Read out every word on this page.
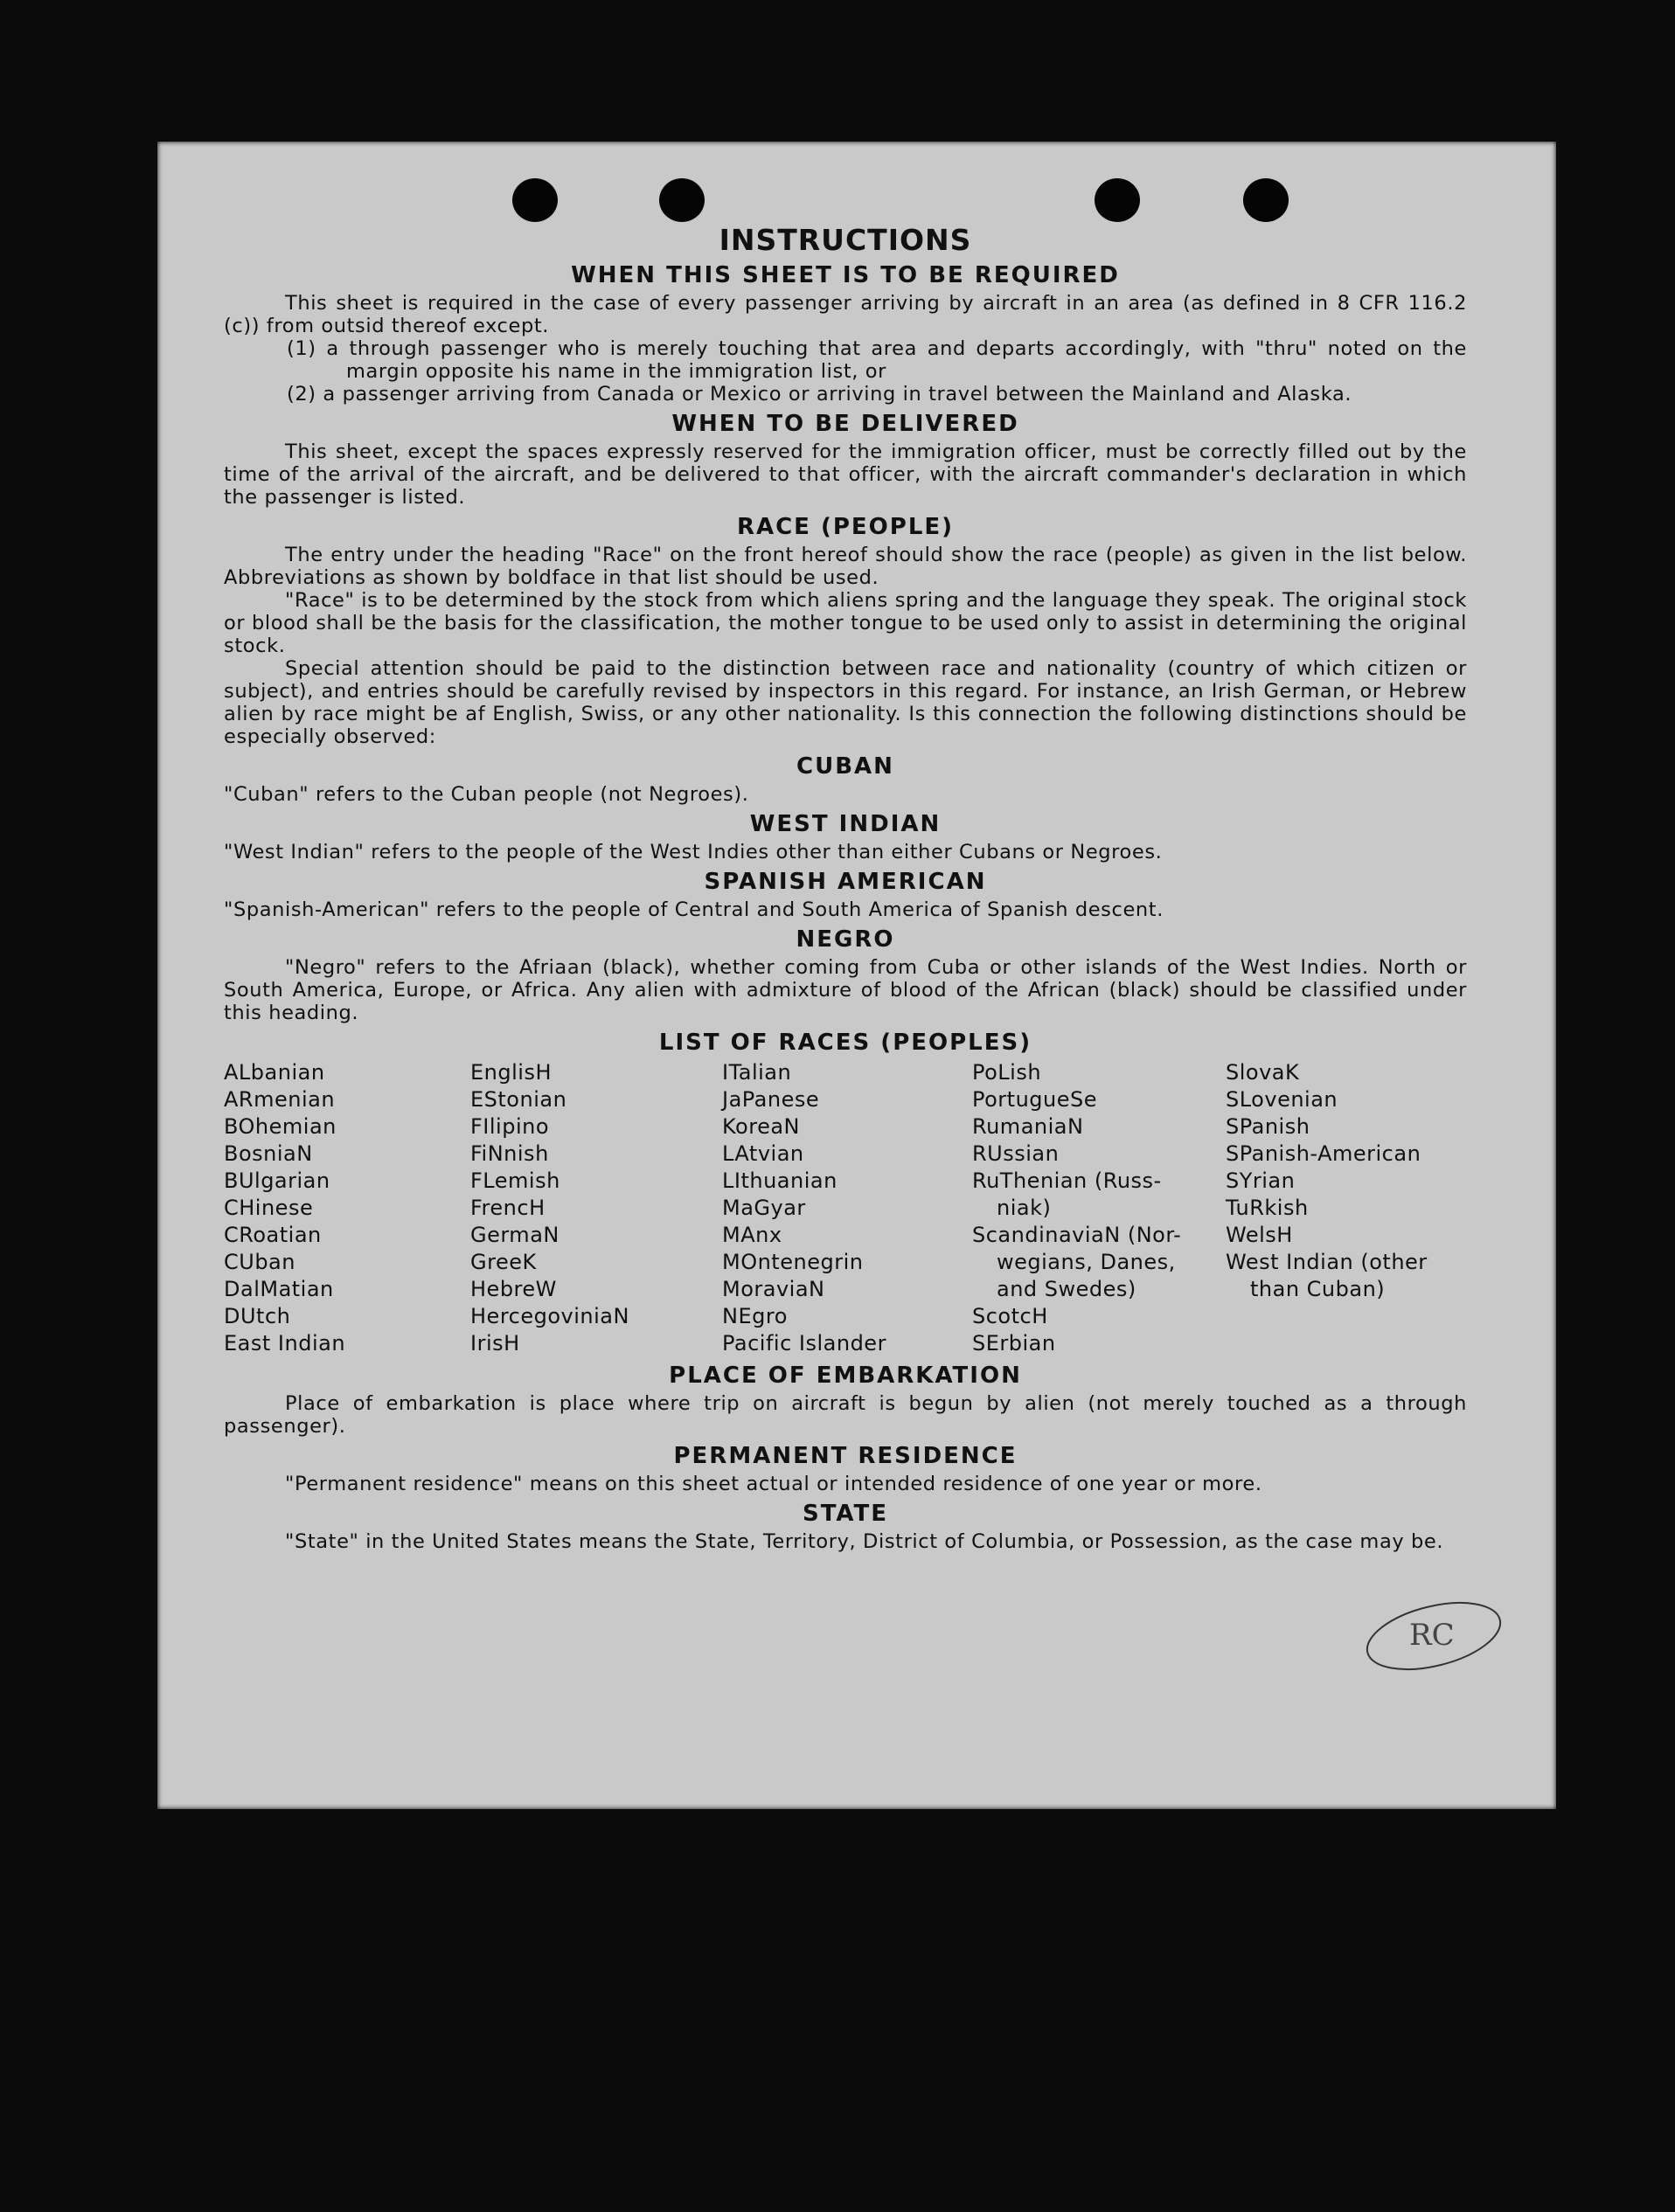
RC
INSTRUCTIONS
WHEN THIS SHEET IS TO BE REQUIRED

This sheet is required in the case of every passenger arriving by aircraft in an area (as defined in 8 CFR 116.2 (c)) from outsid thereof except.

(1) a through passenger who is merely touching that area and departs accordingly, with "thru" noted on the margin opposite his name in the immigration list, or

(2) a passenger arriving from Canada or Mexico or arriving in travel between the Mainland and Alaska.

WHEN TO BE DELIVERED

This sheet, except the spaces expressly reserved for the immigration officer, must be correctly filled out by the time of the arrival of the aircraft, and be delivered to that officer, with the aircraft commander's declaration in which the passenger is listed.

RACE (PEOPLE)

The entry under the heading "Race" on the front hereof should show the race (people) as given in the list below. Abbreviations as shown by boldface in that list should be used.

"Race" is to be determined by the stock from which aliens spring and the language they speak. The original stock or blood shall be the basis for the classification, the mother tongue to be used only to assist in determining the original stock.

Special attention should be paid to the distinction between race and nationality (country of which citizen or subject), and entries should be carefully revised by inspectors in this regard. For instance, an Irish German, or Hebrew alien by race might be af English, Swiss, or any other nationality. Is this connection the following distinctions should be especially observed:

CUBAN

"Cuban" refers to the Cuban people (not Negroes).

WEST INDIAN

"West Indian" refers to the people of the West Indies other than either Cubans or Negroes.

SPANISH AMERICAN

"Spanish-American" refers to the people of Central and South America of Spanish descent.

NEGRO

"Negro" refers to the Afriaan (black), whether coming from Cuba or other islands of the West Indies. North or South America, Europe, or Africa. Any alien with admixture of blood of the African (black) should be classified under this heading.

LIST OF RACES (PEOPLES)
ALbanian
ARmenian
BOhemian
BosniaN
BUlgarian
CHinese
CRoatian
CUban
DalMatian
DUtch
East Indian
EnglisH
EStonian
FIlipino
FiNnish
FLemish
FrencH
GermaN
GreeK
HebreW
HercegoviniaN
IrisH
ITalian
JaPanese
KoreaN
LAtvian
LIthuanian
MaGyar
MAnx
MOntenegrin
MoraviaN
NEgro
Pacific Islander
PoLish
PortugueSe
RumaniaN
RUssian
RuThenian (Russ-
niak)
ScandinaviaN (Nor-
wegians, Danes,
and Swedes)
ScotcH
SErbian
SlovaK
SLovenian
SPanish
SPanish-American
SYrian
TuRkish
WelsH
West Indian (other
than Cuban)
PLACE OF EMBARKATION

Place of embarkation is place where trip on aircraft is begun by alien (not merely touched as a through passenger).

PERMANENT RESIDENCE

"Permanent residence" means on this sheet actual or intended residence of one year or more.

STATE

"State" in the United States means the State, Territory, District of Columbia, or Possession, as the case may be.
